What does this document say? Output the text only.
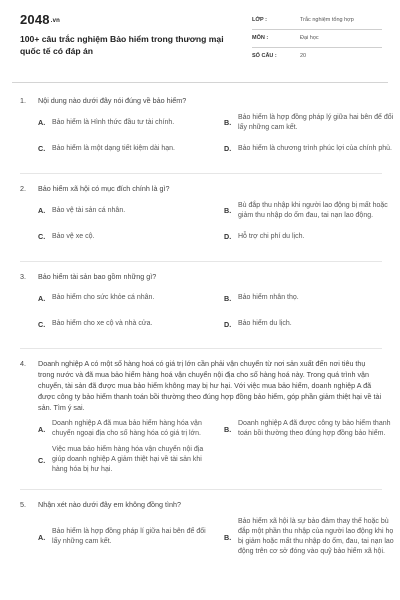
2048.vn
100+ câu trắc nghiệm Bảo hiểm trong thương mại quốc tế có đáp án
LỚP :	Trắc nghiệm tổng hợp
MÔN :	Đại học
SỐ CÂU :	20
1. Nội dung nào dưới đây nói đúng về bảo hiểm?
A. Bảo hiểm là Hình thức đầu tư tài chính.	B.
Bảo hiểm là hợp đồng pháp lý giữa hai bên để đổi lấy những cam kết.
C. Bảo hiểm là một dạng tiết kiệm dài hạn.	D. Bảo hiểm là chương trình phúc lợi của chính phủ.
2. Bảo hiểm xã hội có mục đích chính là gì?
A. Bảo vệ tài sản cá nhân.	B.
Bù đắp thu nhập khi người lao động bị mất hoặc giảm thu nhập do ốm đau, tai nạn lao động.
C. Bảo vệ xe cộ.	D. Hỗ trợ chi phí du lịch.
3. Bảo hiểm tài sản bao gồm những gì?
A. Bảo hiểm cho sức khỏe cá nhân.	B. Bảo hiểm nhân thọ.
C. Bảo hiểm cho xe cộ và nhà cửa.	D. Bảo hiểm du lịch.
4. Doanh nghiệp A có một số hàng hoá có giá trị lớn cần phải vận chuyển từ nơi sản xuất đến nơi tiêu thụ trong nước và đã mua bảo hiểm hàng hoá vận chuyển nội địa cho số hàng hoá này. Trong quá trình vận chuyển, tài sản đã được mua bảo hiểm không may bị hư hại. Với việc mua bảo hiểm, doanh nghiệp A đã được công ty bảo hiểm thanh toán bồi thường theo đúng hợp đồng bảo hiểm, góp phần giảm thiệt hại về tài sản. Tìm ý sai.
A.
Doanh nghiệp A đã mua bảo hiểm hàng hóa vận chuyển ngoại địa cho số hàng hóa có giá trị lớn.	B.
Doanh nghiệp A đã được công ty bảo hiểm thanh toán bồi thường theo đúng hợp đồng bảo hiểm.
C.
Việc mua bảo hiểm hàng hóa vận chuyển nội địa giúp doanh nghiệp A giảm thiệt hại về tài sản khi hàng hóa bị hư hại.
5. Nhận xét nào dưới đây em không đồng tình?
A.
Bảo hiểm là hợp đồng pháp lí giữa hai bên để đổi lấy những cam kết.	B.
Bảo hiểm xã hội là sự bảo đảm thay thế hoặc bù đắp một phần thu nhập của người lao động khi họ bị giảm hoặc mất thu nhập do ốm, đau, tai nạn lao động trên cơ sở đóng vào quỹ bảo hiểm xã hội.
